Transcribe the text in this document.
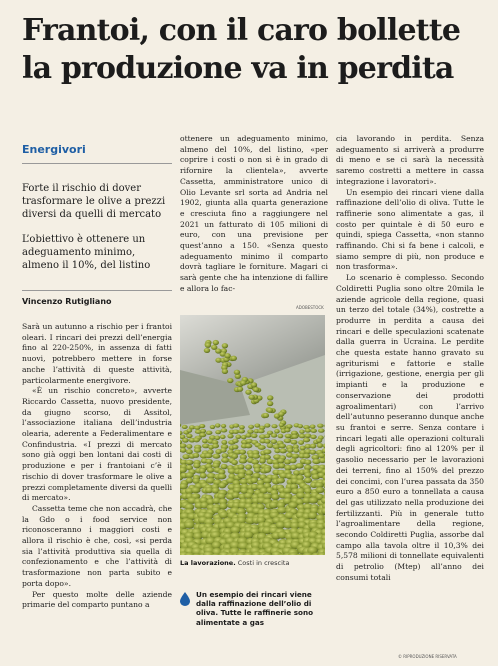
Frantoi, con il caro bollette
la produzione va in perdita
Energivori

Forte il rischio di dover trasformare le olive a prezzi diversi da quelli di mercato

L’obiettivo è ottenere un adeguamento minimo, almeno il 10%, del listino

Vincenzo Rutigliano

Sarà un autunno a rischio per i frantoi oleari. I rincari dei prezzi dell’energia fino al 220-250%, in assenza di fatti nuovi, potrebbero mettere in forse anche l’attività di queste attività, particolarmente energivore.

«È un rischio concreto», avverte Riccardo Cassetta, nuovo presidente, da giugno scorso, di Assitol, l’associazione italiana dell’industria olearia, aderente a Federalimentare e Confindustria. «I prezzi di mercato sono già oggi ben lontani dai costi di produzione e per i frantoiani c’è il rischio di dover trasformare le olive a prezzi completamente diversi da quelli di mercato».

Cassetta teme che non accadrà, che la Gdo o i food service non riconosceranno i maggiori costi e allora il rischio è che, così, «si perda sia l’attività produttiva sia quella di confezionamento e che l’attività di trasformazione non parta subito e porta dopo».

Per questo molte delle aziende primarie del comparto puntano a

ottenere un adeguamento minimo, almeno del 10%, del listino, «per coprire i costi o non si è in grado di rifornire la clientela», avverte Cassetta, amministratore unico di Olio Levante srl sorta ad Andria nel 1902, giunta alla quarta generazione e cresciuta fino a raggiungere nel 2021 un fatturato di 105 milioni di euro, con una previsione per quest’anno a 150. «Senza questo adeguamento minimo il comparto dovrà tagliare le forniture. Magari ci sarà gente che ha intenzione di fallire e allora lo fac-

cia lavorando in perdita. Senza adeguamento si arriverà a produrre di meno e se ci sarà la necessità saremo costretti a mettere in cassa integrazione i lavoratori».

Un esempio dei rincari viene dalla raffinazione dell’olio di oliva. Tutte le raffinerie sono alimentate a gas, il costo per quintale è di 50 euro e quindi, spiega Cassetta, «non stanno raffinando. Chi si fa bene i calcoli, e siamo sempre di più, non produce e non trasforma».

Lo scenario è complesso. Secondo Coldiretti Puglia sono oltre 20mila le aziende agricole della regione, quasi un terzo del totale (34%), costrette a produrre in perdita a causa dei rincari e delle speculazioni scatenate dalla guerra in Ucraina. Le perdite che questa estate hanno gravato su agriturismi e fattorie e stalle (irrigazione, gestione, energia per gli impianti e la produzione e conservazione dei prodotti agroalimentari) con l’arrivo dell’autunno peseranno dunque anche su frantoi e serre. Senza contare i rincari legati alle operazioni colturali degli agricoltori: fino al 120% per il gasolio necessario per le lavorazioni dei terreni, fino al 150% del prezzo dei concimi, con l’urea passata da 350 euro a 850 euro a tonnellata a causa del gas utilizzato nella produzione dei fertilizzanti. Più in generale tutto l’agroalimentare della regione, secondo Coldiretti Puglia, assorbe dal campo alla tavola oltre il 10,3% dei 5,578 milioni di tonnellate equivalenti di petrolio (Mtep) all’anno dei consumi totali

ADOBESTOCK
La lavorazione. Costi in crescita
Un esempio dei rincari viene dalla raffinazione dell’olio di oliva. Tutte le raffinerie sono alimentate a gas
© RIPRODUZIONE RISERVATA
